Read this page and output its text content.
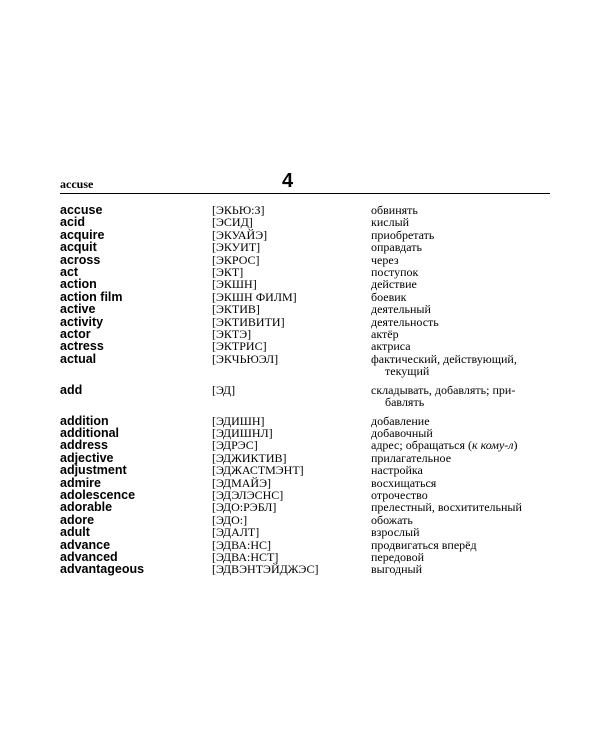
accuse	4
accuse	[ЭКЬЮ:З]	обвинять
acid	[ЭСИД]	кислый
acquire	[ЭКУАЙЭ]	приобретать
acquit	[ЭКУИТ]	оправдать
across	[ЭКРОС]	через
act	[ЭКТ]	поступок
action	[ЭКШН]	действие
action film	[ЭКШН ФИЛМ]	боевик
active	[ЭКТИВ]	деятельный
activity	[ЭКТИВИТИ]	деятельность
actor	[ЭКТЭ]	актёр
actress	[ЭКТРИС]	актриса
actual	[ЭКЧЬЮЭЛ]	фактический, действующий,
текущий
add	[ЭД]	складывать, добавлять; при-
бавлять
addition	[ЭДИШН]	добавление
additional	[ЭДИШНЛ]	добавочный
address	[ЭДРЭС]	адрес; обращаться (к кому-л)
adjective	[ЭДЖИКТИВ]	прилагательное
adjustment	[ЭДЖАСТМЭНТ]	настройка
admire	[ЭДМАЙЭ]	восхищаться
adolescence	[ЭДЭЛЭСНС]	отрочество
adorable	[ЭДО:РЭБЛ]	прелестный, восхитительный
adore	[ЭДО:]	обожать
adult	[ЭДАЛТ]	взрослый
advance	[ЭДВА:НС]	продвигаться вперёд
advanced	[ЭДВА:НСТ]	передовой
advantageous	[ЭДВЭНТЭЙДЖЭС]	выгодный
